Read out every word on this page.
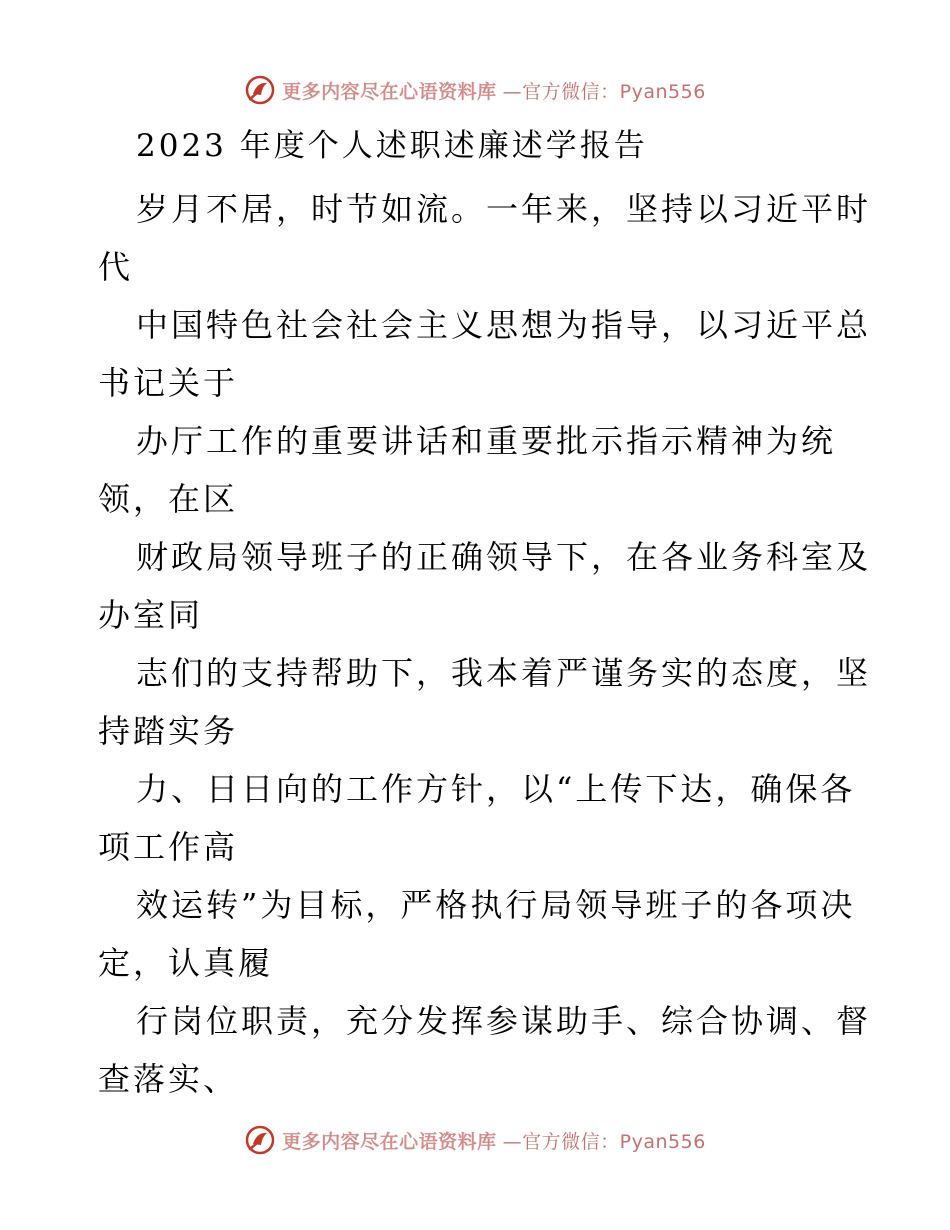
更多内容尽在心语资料库 —官方微信：Pyan556
2023 年度个人述职述廉述学报告
岁月不居，时节如流。一年来，坚持以习近平时
代
中国特色社会社会主义思想为指导，以习近平总
书记关于
办厅工作的重要讲话和重要批示指示精神为统
领，在区
财政局领导班子的正确领导下，在各业务科室及
办室同
志们的支持帮助下，我本着严谨务实的态度，坚
持踏实务
力、日日向的工作方针，以“上传下达，确保各
项工作高
效运转”为目标，严格执行局领导班子的各项决
定，认真履
行岗位职责，充分发挥参谋助手、综合协调、督
查落实、
更多内容尽在心语资料库 —官方微信：Pyan556
